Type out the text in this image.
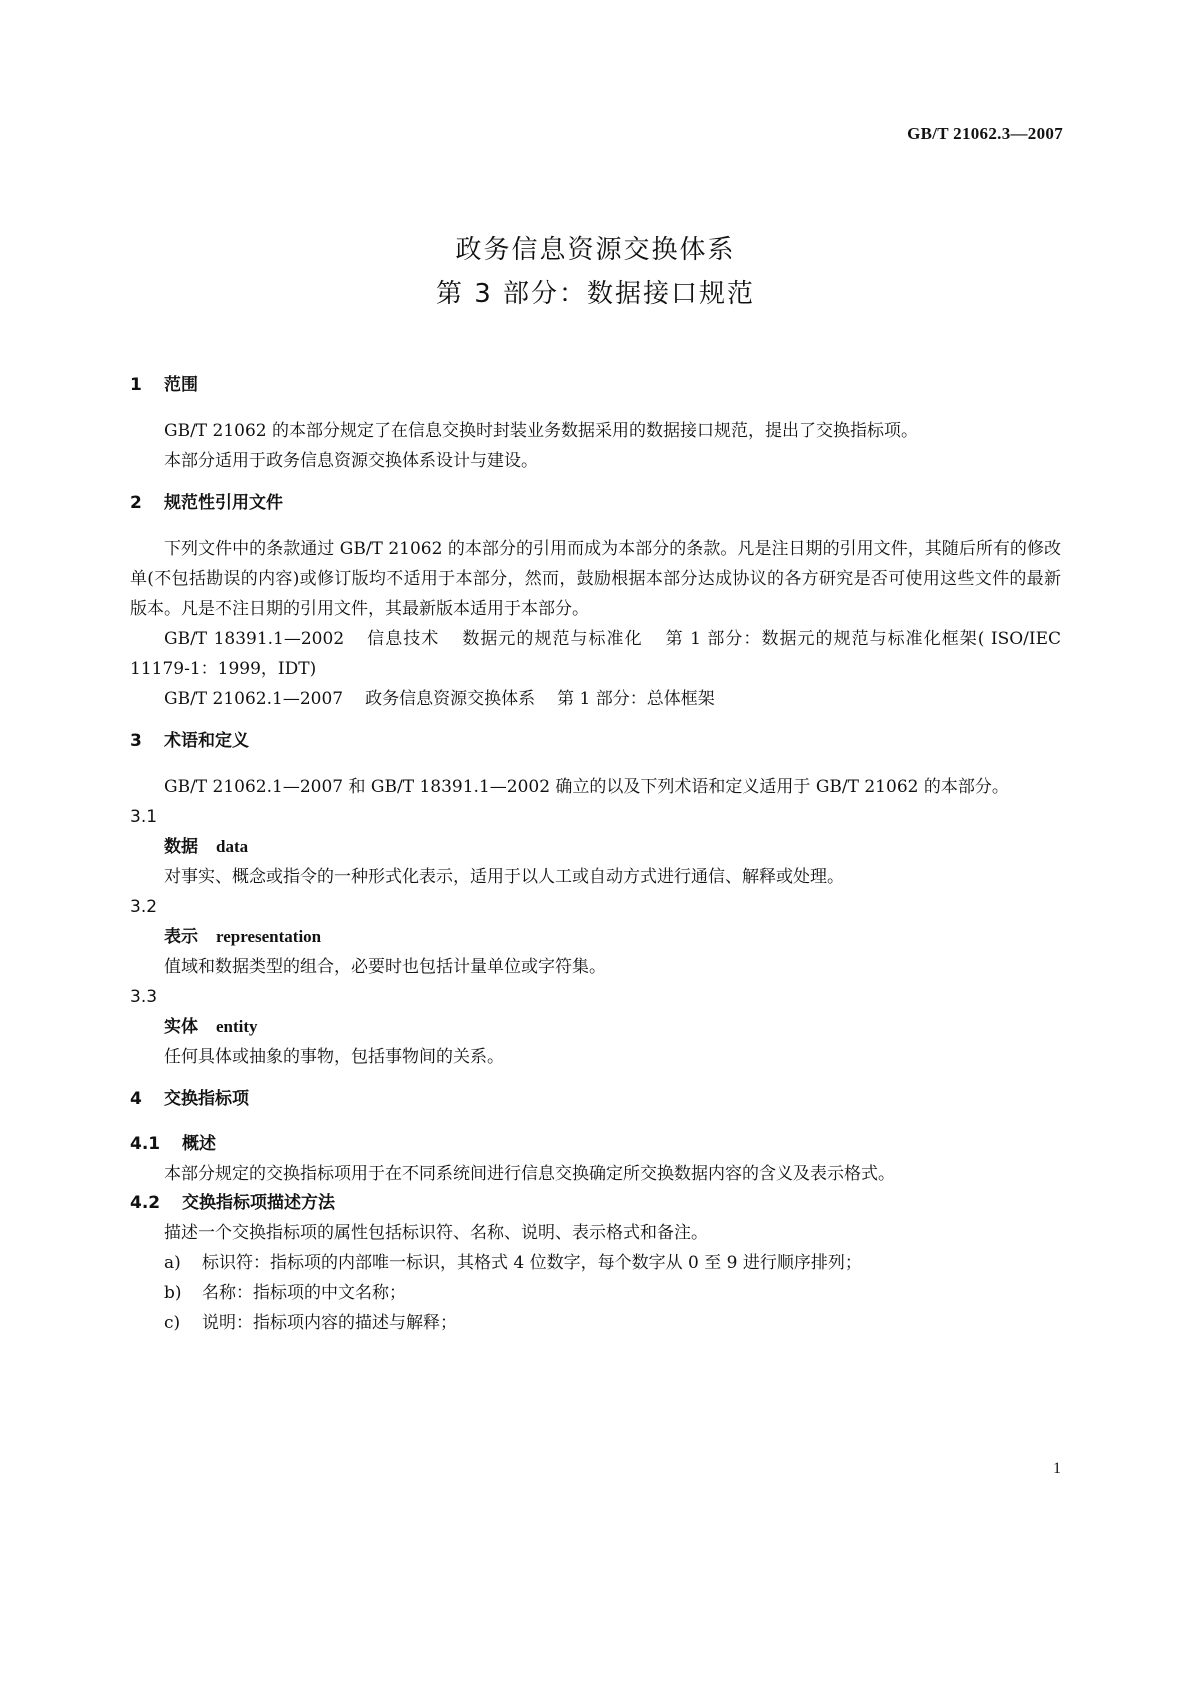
GB/T 21062.3—2007
政务信息资源交换体系
第 3 部分：数据接口规范
1 范围

GB/T 21062 的本部分规定了在信息交换时封装业务数据采用的数据接口规范，提出了交换指标项。

本部分适用于政务信息资源交换体系设计与建设。

2 规范性引用文件

下列文件中的条款通过 GB/T 21062 的本部分的引用而成为本部分的条款。凡是注日期的引用文件，其随后所有的修改单(不包括勘误的内容)或修订版均不适用于本部分，然而，鼓励根据本部分达成协议的各方研究是否可使用这些文件的最新版本。凡是不注日期的引用文件，其最新版本适用于本部分。

GB/T 18391.1—2002 信息技术 数据元的规范与标准化 第 1 部分：数据元的规范与标准化框架( ISO/IEC 11179-1：1999，IDT)

GB/T 21062.1—2007 政务信息资源交换体系 第 1 部分：总体框架

3 术语和定义

GB/T 21062.1—2007 和 GB/T 18391.1—2002 确立的以及下列术语和定义适用于 GB/T 21062 的本部分。

3.1

数据 data

对事实、概念或指令的一种形式化表示，适用于以人工或自动方式进行通信、解释或处理。

3.2

表示 representation

值域和数据类型的组合，必要时也包括计量单位或字符集。

3.3

实体 entity

任何具体或抽象的事物，包括事物间的关系。

4 交换指标项
4.1 概述

本部分规定的交换指标项用于在不同系统间进行信息交换确定所交换数据内容的含义及表示格式。

4.2 交换指标项描述方法

描述一个交换指标项的属性包括标识符、名称、说明、表示格式和备注。

a) 标识符：指标项的内部唯一标识，其格式 4 位数字，每个数字从 0 至 9 进行顺序排列；

b) 名称：指标项的中文名称；

c) 说明：指标项内容的描述与解释；

1
